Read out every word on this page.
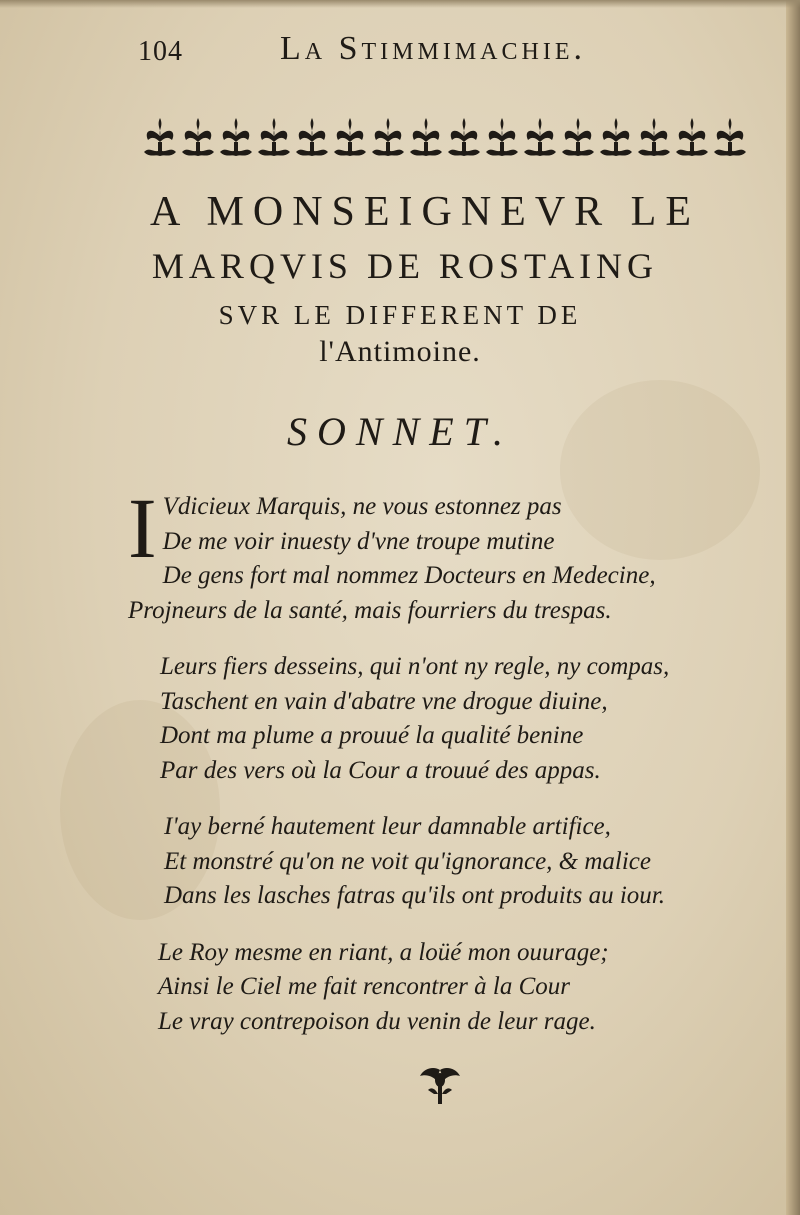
104	La Stimmimachie.
A MONSEIGNEVR LE
MARQVIS DE ROSTAING
SVR LE DIFFERENT DE
l'Antimoine.
SONNET.
I Vdicieux Marquis, ne vous estonnez pas
De me voir inuesty d'vne troupe mutine
De gens fort mal nommez Docteurs en Medecine,
Projneurs de la santé, mais fourriers du trespas.
Leurs fiers desseins, qui n'ont ny regle, ny compas,
Taschent en vain d'abatre vne drogue diuine,
Dont ma plume a prouué la qualité benine
Par des vers où la Cour a trouué des appas.
I'ay berné hautement leur damnable artifice,
Et monstré qu'on ne voit qu'ignorance, & malice
Dans les lasches fatras qu'ils ont produits au iour.
Le Roy mesme en riant, a loüé mon ouurage;
Ainsi le Ciel me fait rencontrer à la Cour
Le vray contrepoison du venin de leur rage.
